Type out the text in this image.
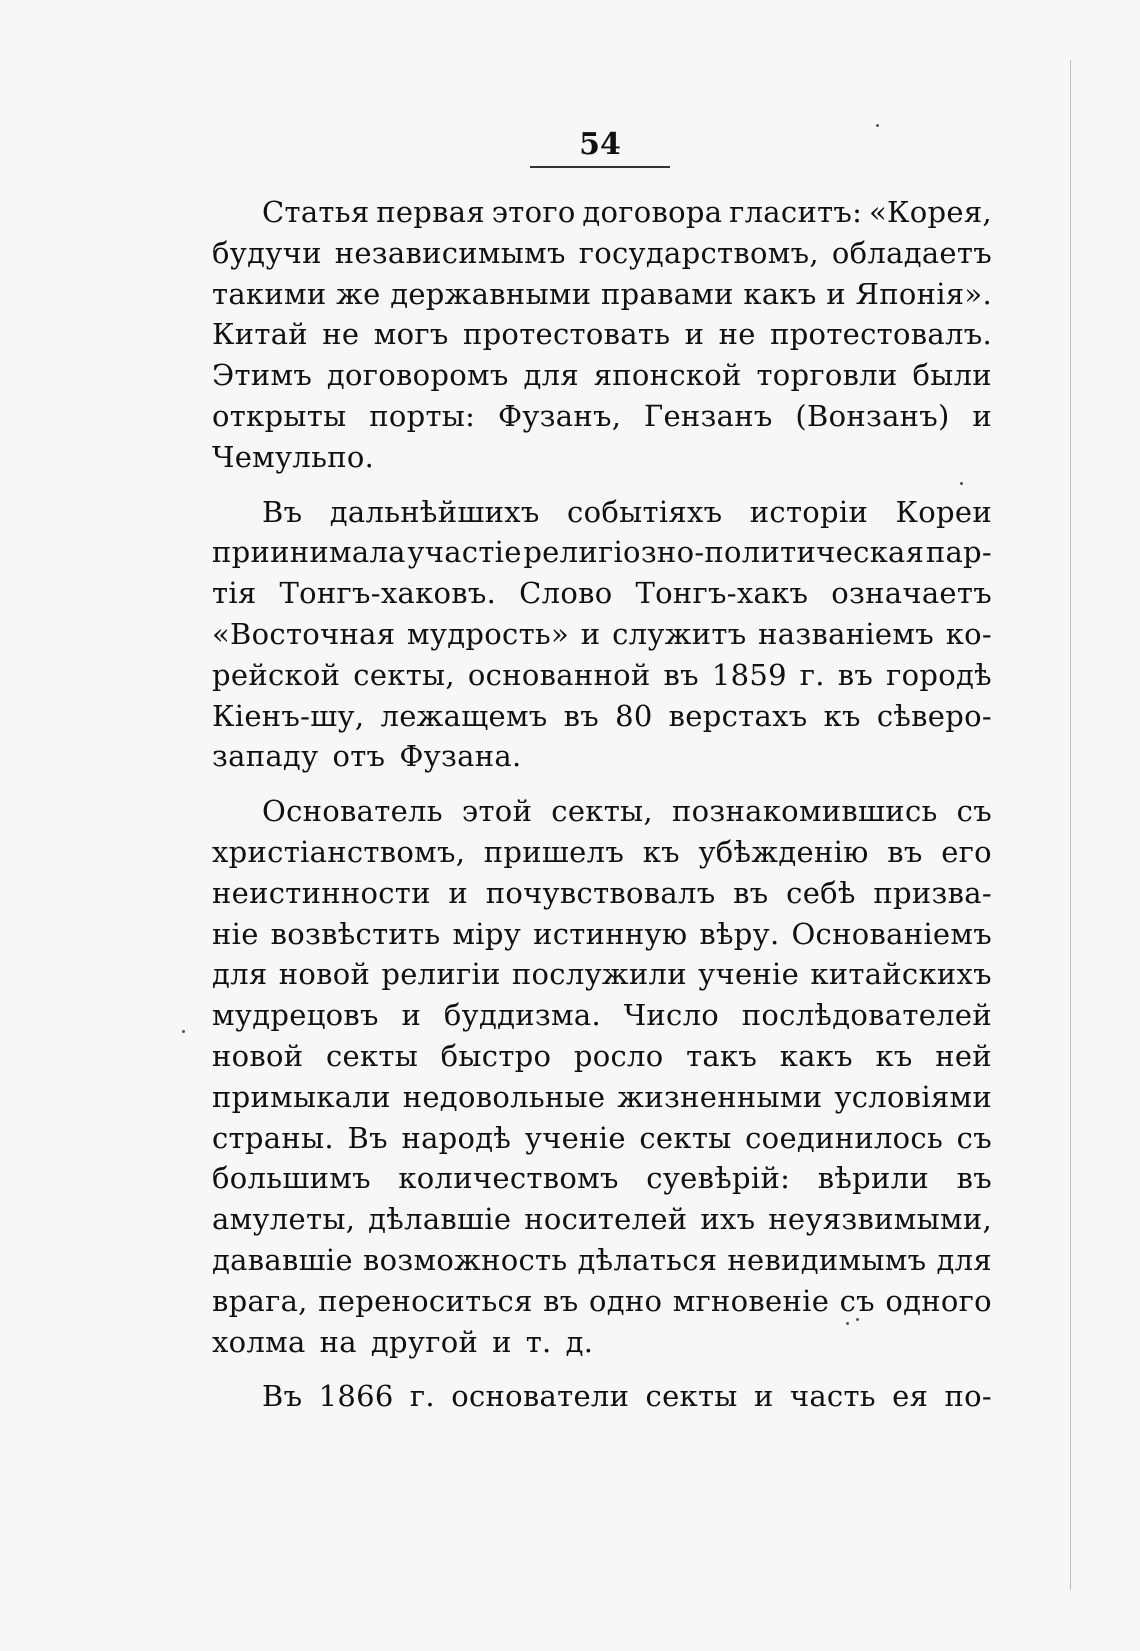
54
Статья первая этого договора гласитъ: «Корея,
будучи независимымъ государствомъ, обладаетъ
такими же державными правами какъ и Японія».
Китай не могъ протестовать и не протестовалъ.
Этимъ договоромъ для японской торговли были
открыты порты: Фузанъ, Гензанъ (Вонзанъ) и
Чемульпо.
Въ дальнѣйшихъ событіяхъ исторіи Кореи
приинимала участіе религіозно-политическая пар-
тія Тонгъ-хаковъ. Слово Тонгъ-хакъ означаетъ
«Восточная мудрость» и служитъ названіемъ ко-
рейской секты, основанной въ 1859 г. въ городѣ
Кіенъ-шу, лежащемъ въ 80 верстахъ къ сѣверо-
западу отъ Фузана.
Основатель этой секты, познакомившись съ
христіанствомъ, пришелъ къ убѣжденію въ его
неистинности и почувствовалъ въ себѣ призва-
ніе возвѣстить міру истинную вѣру. Основаніемъ
для новой религіи послужили ученіе китайскихъ
мудрецовъ и буддизма. Число послѣдователей
новой секты быстро росло такъ какъ къ ней
примыкали недовольные жизненными условіями
страны. Въ народѣ ученіе секты соединилось съ
большимъ количествомъ суевѣрій: вѣрили въ
амулеты, дѣлавшіе носителей ихъ неуязвимыми,
дававшіе возможность дѣлаться невидимымъ для
врага, переноситься въ одно мгновеніе съ одного
холма на другой и т. д.
Въ 1866 г. основатели секты и часть ея по-
